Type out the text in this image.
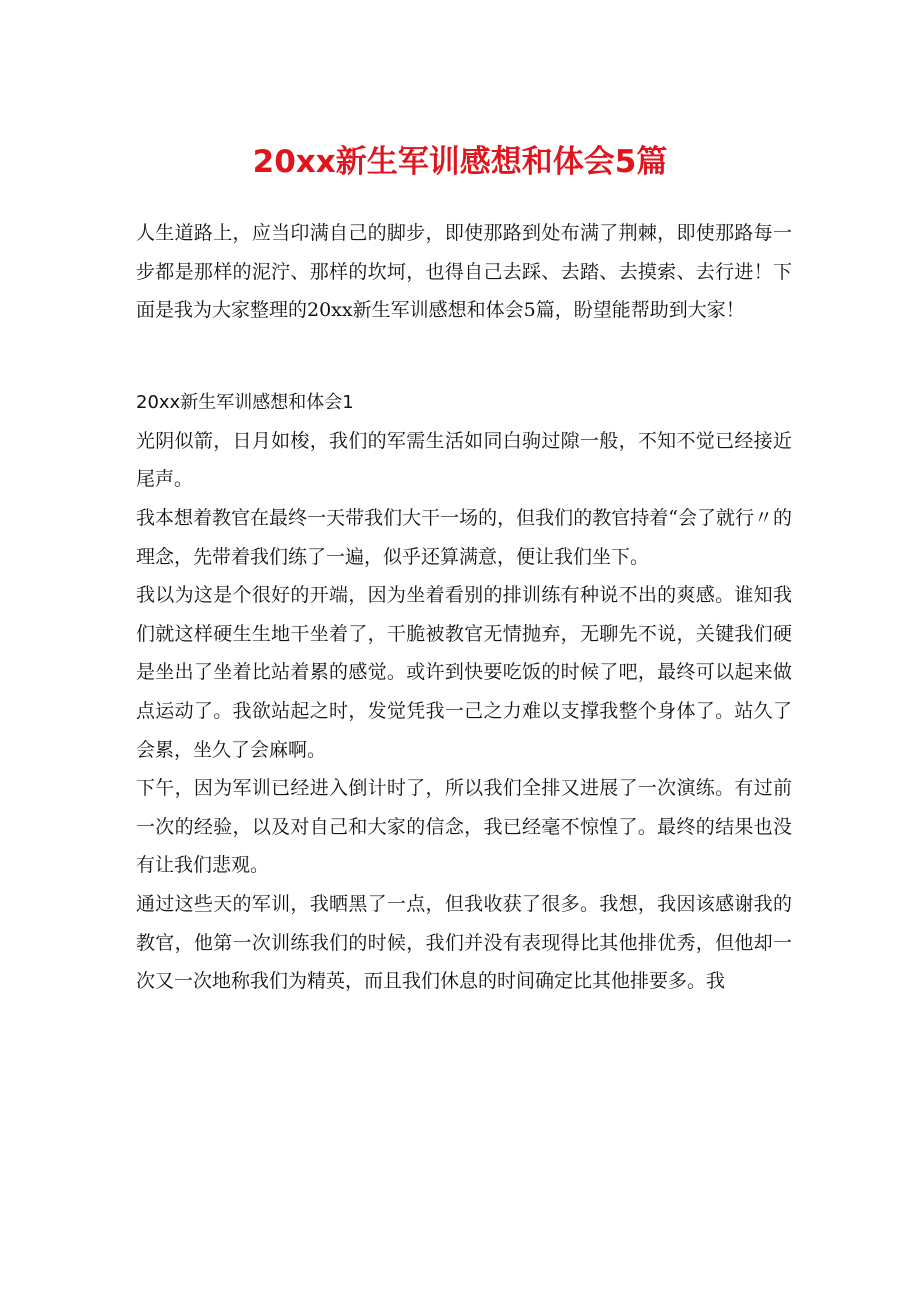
20xx新生军训感想和体会5篇

人生道路上，应当印满自己的脚步，即使那路到处布满了荆棘，即使那路每一步都是那样的泥泞、那样的坎坷，也得自己去踩、去踏、去摸索、去行进！下面是我为大家整理的20xx新生军训感想和体会5篇，盼望能帮助到大家！

20xx新生军训感想和体会1

光阴似箭，日月如梭，我们的军需生活如同白驹过隙一般，不知不觉已经接近尾声。

我本想着教官在最终一天带我们大干一场的，但我们的教官持着“会了就行〃的理念，先带着我们练了一遍，似乎还算满意，便让我们坐下。

我以为这是个很好的开端，因为坐着看别的排训练有种说不出的爽感。谁知我们就这样硬生生地干坐着了，干脆被教官无情抛弃，无聊先不说，关键我们硬是坐出了坐着比站着累的感觉。或许到快要吃饭的时候了吧，最终可以起来做点运动了。我欲站起之时，发觉凭我一己之力难以支撑我整个身体了。站久了会累，坐久了会麻啊。

下午，因为军训已经进入倒计时了，所以我们全排又进展了一次演练。有过前一次的经验，以及对自己和大家的信念，我已经毫不惊惶了。最终的结果也没有让我们悲观。

通过这些天的军训，我晒黑了一点，但我收获了很多。我想，我因该感谢我的教官，他第一次训练我们的时候，我们并没有表现得比其他排优秀，但他却一次又一次地称我们为精英，而且我们休息的时间确定比其他排要多。我
